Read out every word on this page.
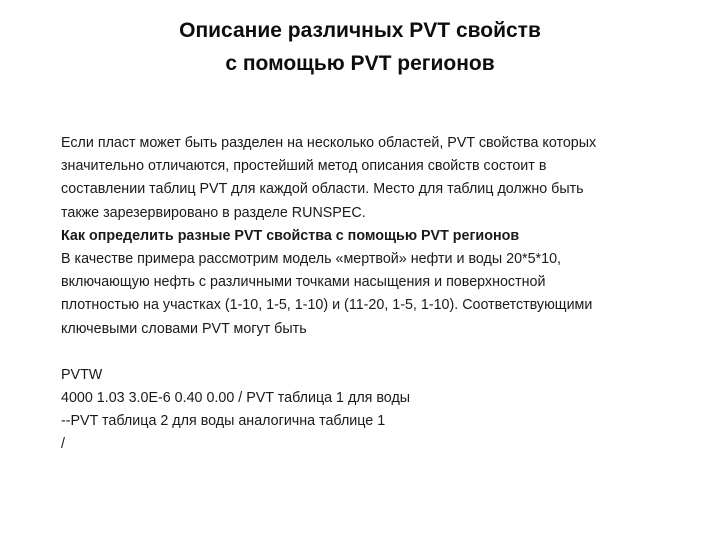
Описание различных PVT свойств
с помощью PVT регионов
Если пласт может быть разделен на несколько областей, PVT свойства которых
значительно отличаются, простейший метод описания свойств состоит в
составлении таблиц PVT для каждой области. Место для таблиц должно быть
также зарезервировано в разделе RUNSPEC.
Как определить разные PVT свойства с помощью PVT регионов
В качестве примера рассмотрим модель «мертвой» нефти и воды 20*5*10,
включающую нефть с различными точками насыщения и поверхностной
плотностью на участках (1-10, 1-5, 1-10) и (11-20, 1-5, 1-10). Соответствующими
ключевыми словами PVT могут быть
PVTW
4000 1.03 3.0E-6 0.40 0.00 / PVT таблица 1 для воды
--PVT таблица 2 для воды аналогична таблице 1
/
